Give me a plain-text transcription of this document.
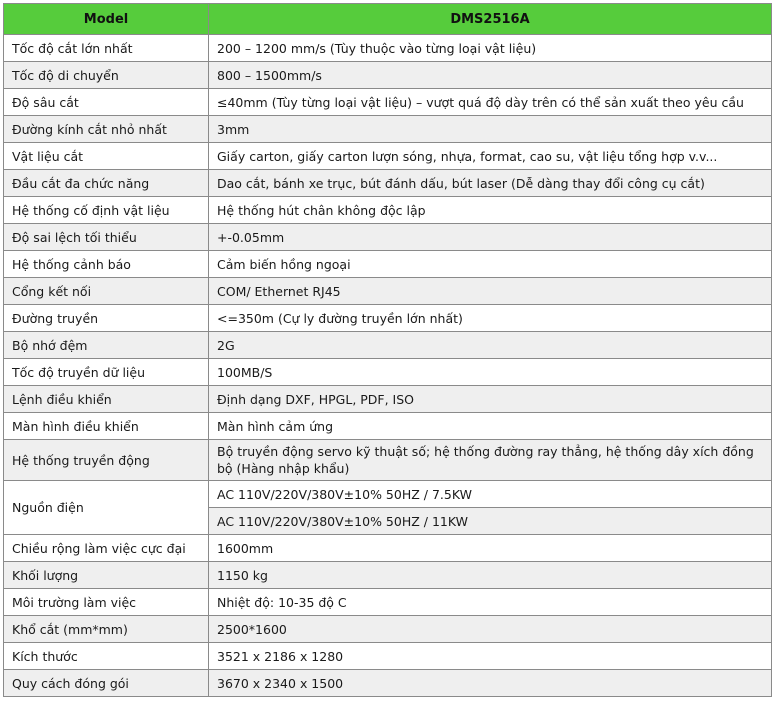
Model	DMS2516A
Tốc độ cắt lớn nhất	200 – 1200 mm/s (Tùy thuộc vào từng loại vật liệu)
Tốc độ di chuyển	800 – 1500mm/s
Độ sâu cắt	≤40mm (Tùy từng loại vật liệu) – vượt quá độ dày trên có thể sản xuất theo yêu cầu
Đường kính cắt nhỏ nhất	3mm
Vật liệu cắt	Giấy carton, giấy carton lượn sóng, nhựa, format, cao su, vật liệu tổng hợp v.v...
Đầu cắt đa chức năng	Dao cắt, bánh xe trục, bút đánh dấu, bút laser (Dễ dàng thay đổi công cụ cắt)
Hệ thống cố định vật liệu	Hệ thống hút chân không độc lập
Độ sai lệch tối thiểu	+-0.05mm
Hệ thống cảnh báo	Cảm biến hồng ngoại
Cổng kết nối	COM/ Ethernet RJ45
Đường truyền	<=350m (Cự ly đường truyền lớn nhất)
Bộ nhớ đệm	2G
Tốc độ truyền dữ liệu	100MB/S
Lệnh điều khiển	Định dạng DXF, HPGL, PDF, ISO
Màn hình điều khiển	Màn hình cảm ứng
Hệ thống truyền động	Bộ truyền động servo kỹ thuật số; hệ thống đường ray thẳng, hệ thống dây xích đồng bộ (Hàng nhập khẩu)
Nguồn điện	AC 110V/220V/380V±10% 50HZ / 7.5KW
	AC 110V/220V/380V±10% 50HZ / 11KW
Chiều rộng làm việc cực đại	1600mm
Khối lượng	1150 kg
Môi trường làm việc	Nhiệt độ: 10-35 độ C
Khổ cắt (mm*mm)	2500*1600
Kích thước	3521 x 2186 x 1280
Quy cách đóng gói	3670 x 2340 x 1500
